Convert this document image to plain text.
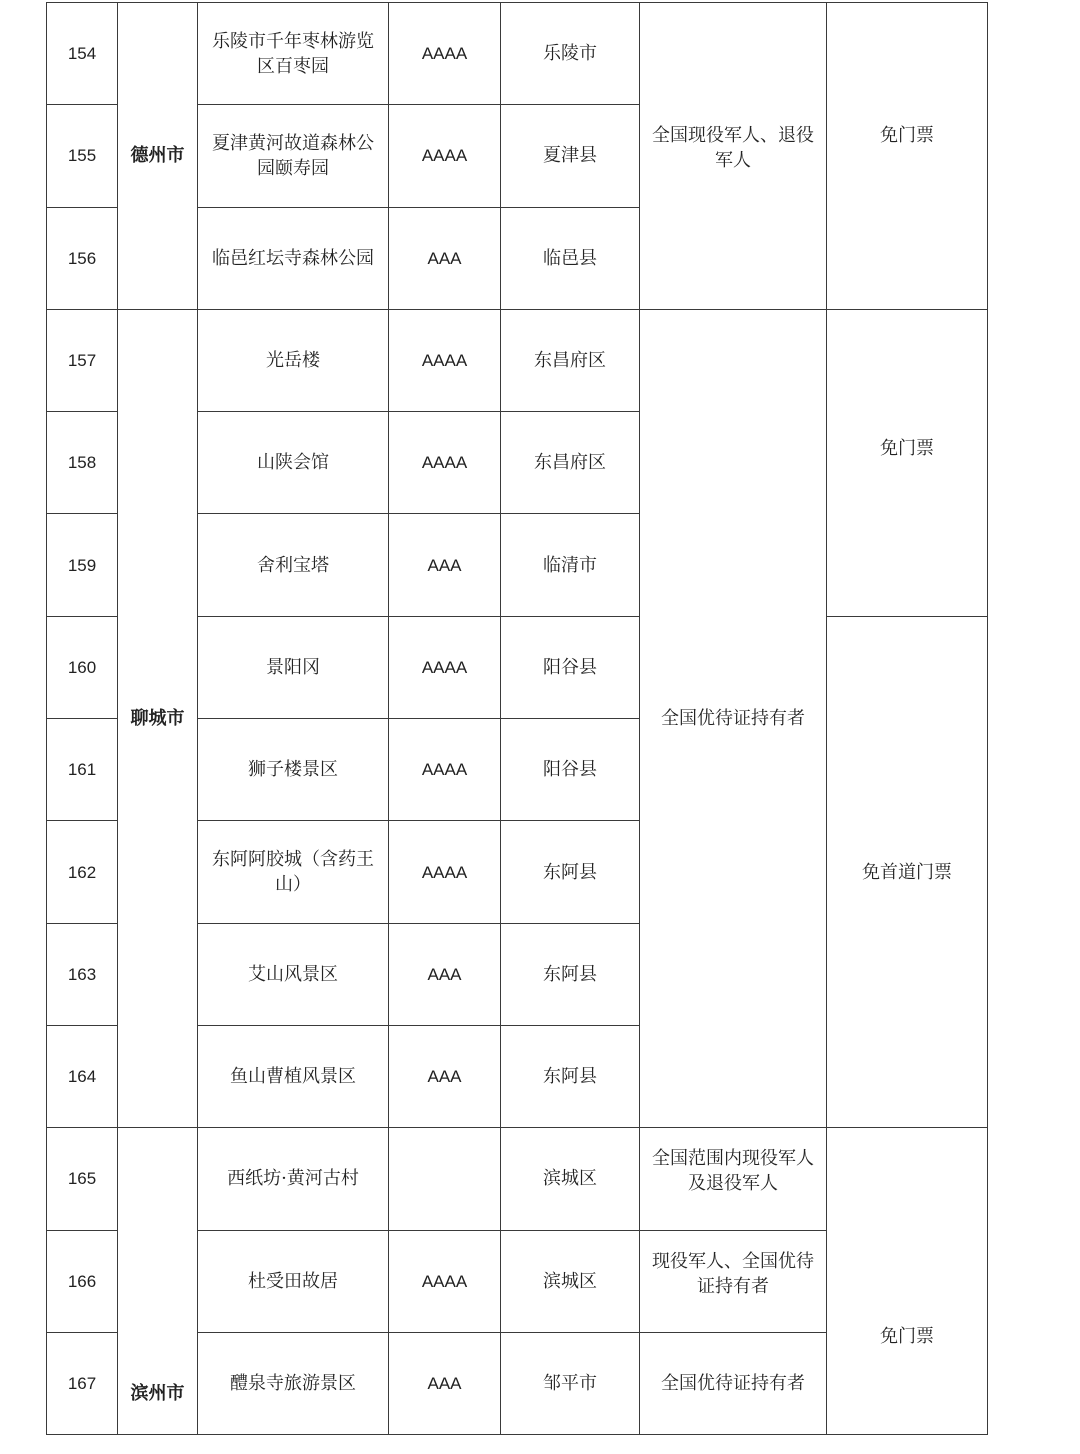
154	德州市	乐陵市千年枣林游览区百枣园	AAAA	乐陵市	全国现役军人、退役军人	免门票
155		夏津黄河故道森林公园颐寿园	AAAA	夏津县		
156		临邑红坛寺森林公园	AAA	临邑县		
157	聊城市	光岳楼	AAAA	东昌府区	全国优待证持有者	免门票
158		山陕会馆	AAAA	东昌府区		
159		舍利宝塔	AAA	临清市		
160		景阳冈	AAAA	阳谷县		免首道门票
161		狮子楼景区	AAAA	阳谷县		
162		东阿阿胶城（含药王山）	AAAA	东阿县		
163		艾山风景区	AAA	东阿县		
164		鱼山曹植风景区	AAA	东阿县		
165	滨州市	西纸坊·黄河古村		滨城区	全国范围内现役军人及退役军人	免门票
166		杜受田故居	AAAA	滨城区	现役军人、全国优待证持有者	
167		醴泉寺旅游景区	AAA	邹平市	全国优待证持有者	
